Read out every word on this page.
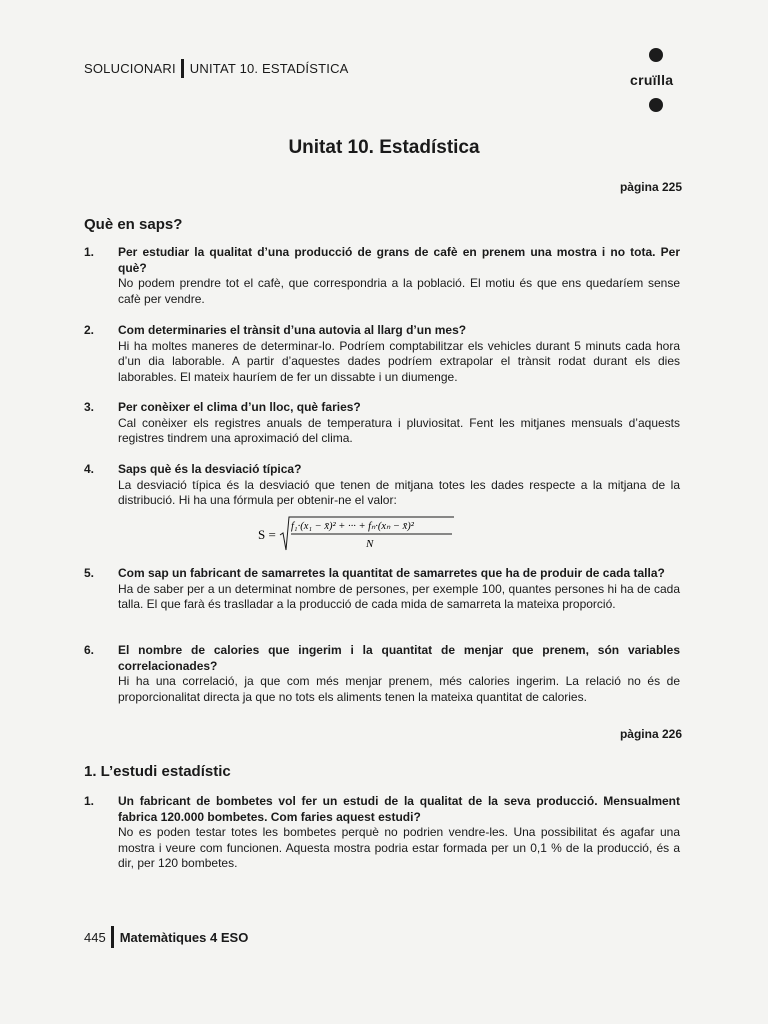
SOLUCIONARI UNITAT 10. ESTADÍSTICA
cruïlla
Unitat 10. Estadística
pàgina 225
Què en saps?
1. Per estudiar la qualitat d’una producció de grans de cafè en prenem una mostra i no tota. Per què?
No podem prendre tot el cafè, que correspondria a la població. El motiu és que ens quedaríem sense cafè per vendre.
2. Com determinaries el trànsit d’una autovia al llarg d’un mes?
Hi ha moltes maneres de determinar-lo. Podríem comptabilitzar els vehicles durant 5 minuts cada hora d’un dia laborable. A partir d’aquestes dades podríem extrapolar el trànsit rodat durant els dies laborables. El mateix hauríem de fer un dissabte i un diumenge.
3. Per conèixer el clima d’un lloc, què faries?
Cal conèixer els registres anuals de temperatura i pluviositat. Fent les mitjanes mensuals d’aquests registres tindrem una aproximació del clima.
4. Saps què és la desviació típica?
La desviació típica és la desviació que tenen de mitjana totes les dades respecte a la mitjana de la distribució. Hi ha una fórmula per obtenir-ne el valor:
S =
f₁·(x₁ − x̄)² + ··· + fₙ·(xₙ − x̄)²
N
5. Com sap un fabricant de samarretes la quantitat de samarretes que ha de produir de cada talla?
Ha de saber per a un determinat nombre de persones, per exemple 100, quantes persones hi ha de cada talla. El que farà és traslladar a la producció de cada mida de samarreta la mateixa proporció.
6. El nombre de calories que ingerim i la quantitat de menjar que prenem, són variables correlacionades?
Hi ha una correlació, ja que com més menjar prenem, més calories ingerim. La relació no és de proporcionalitat directa ja que no tots els aliments tenen la mateixa quantitat de calories.
pàgina 226
1. L’estudi estadístic
1. Un fabricant de bombetes vol fer un estudi de la qualitat de la seva producció. Mensualment fabrica 120.000 bombetes. Com faries aquest estudi?
No es poden testar totes les bombetes perquè no podrien vendre-les. Una possibilitat és agafar una mostra i veure com funcionen. Aquesta mostra podria estar formada per un 0,1 % de la producció, és a dir, per 120 bombetes.
445 Matemàtiques 4 ESO
